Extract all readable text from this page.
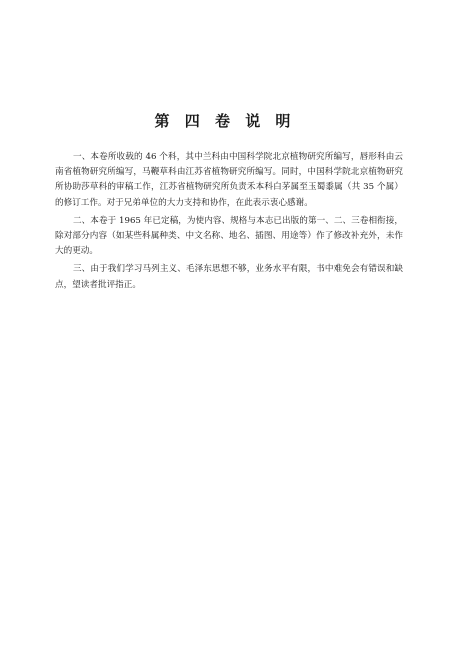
第 四 卷 说 明

一、本卷所收载的 46 个科，其中兰科由中国科学院北京植物研究所编写，唇形科由云南省植物研究所编写，马鞭草科由江苏省植物研究所编写。同时，中国科学院北京植物研究所协助莎草科的审稿工作，江苏省植物研究所负责禾本科白茅属至玉蜀黍属（共 35 个属）的修订工作。对于兄弟单位的大力支持和协作，在此表示衷心感谢。

二、本卷于 1965 年已定稿，为使内容、规格与本志已出版的第一、二、三卷相衔接，除对部分内容（如某些科属种类、中文名称、地名、插图、用途等）作了修改补充外，未作大的更动。

三、由于我们学习马列主义、毛泽东思想不够，业务水平有限，书中难免会有错误和缺点，望读者批评指正。
